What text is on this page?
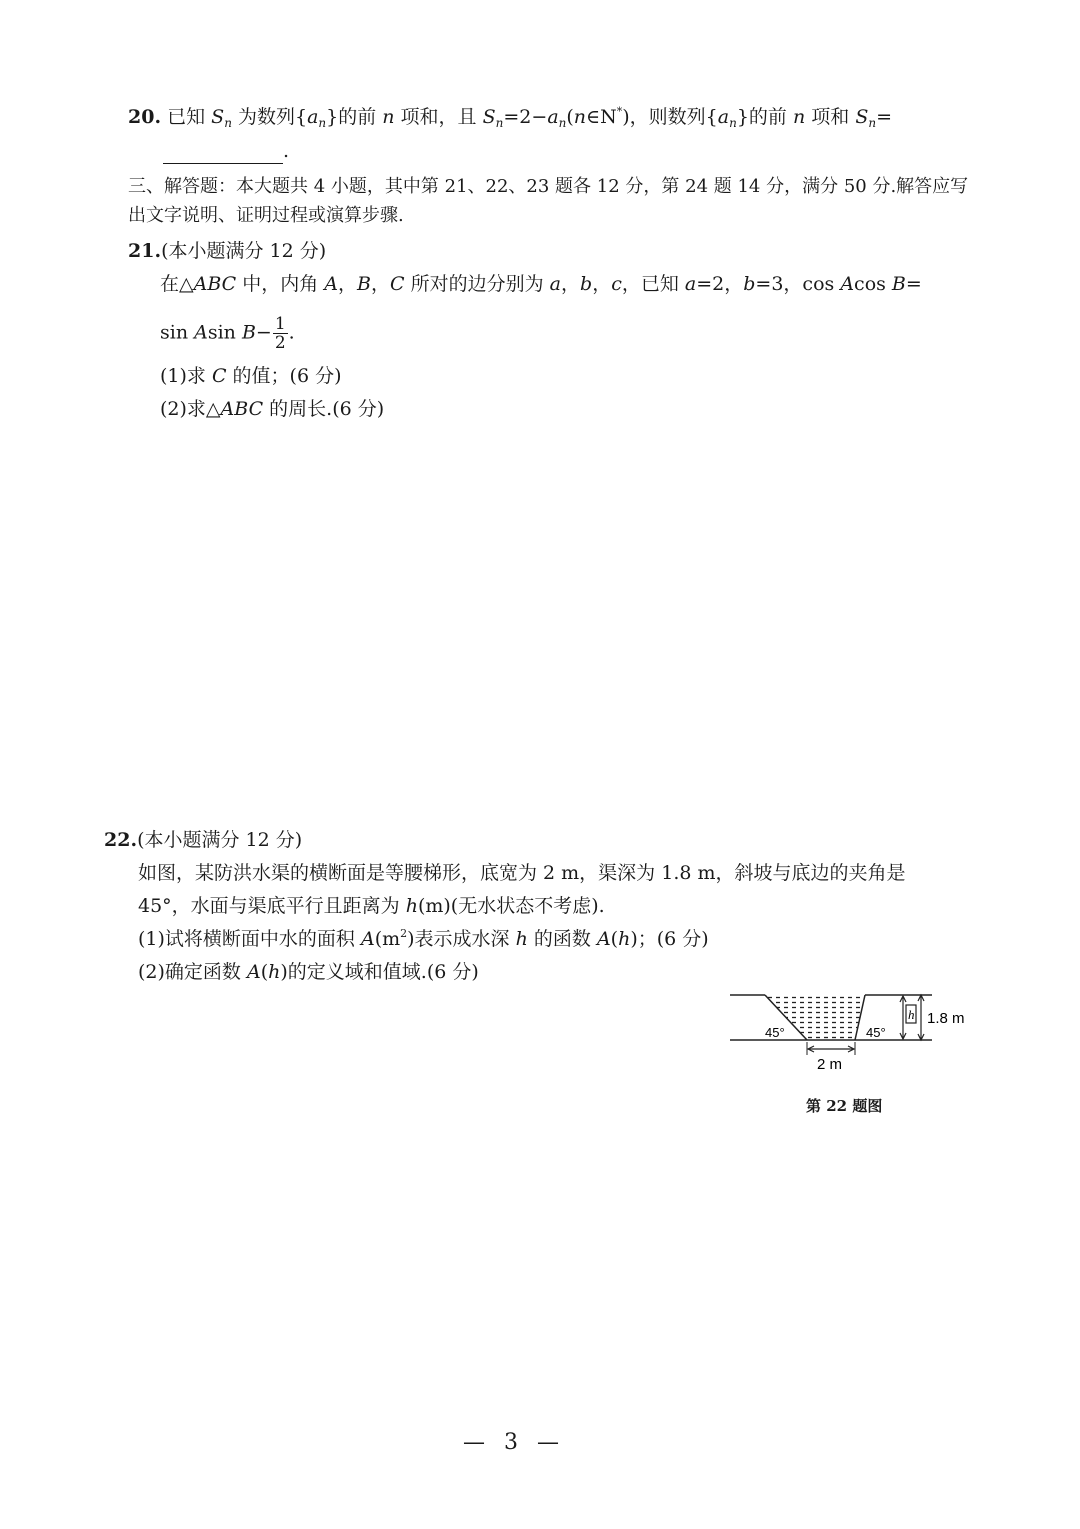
20. 已知 $S_n$ 为数列$\{a_n\}$的前 n 项和，且 $S_n=2-a_n(n\in N^*)$，则数列$\{a_n\}$的前 n 项和 $S_n=$
.
三、解答题：本大题共 4 小题，其中第 21、22、23 题各 12 分，第 24 题 14 分，满分 50 分.解答应写
出文字说明、证明过程或演算步骤.
21.(本小题满分 12 分)
在△ABC 中，内角 A，B，C 所对的边分别为 a，b，c，已知 a=2，b=3，cos Acos B=
sin Asin $B- \frac{1}{2}$ .
(1)求 C 的值；(6 分)
(2)求△ABC 的周长.(6 分)
22.(本小题满分 12 分)
如图，某防洪水渠的横断面是等腰梯形，底宽为 2 m，渠深为 1.8 m，斜坡与底边的夹角是
45°，水面与渠底平行且距离为 h(m)(无水状态不考虑).
(1)试将横断面中水的面积 $A(m^2)$表示成水深 h 的函数 A(h)；(6 分)
(2)确定函数 A(h)的定义域和值域.(6 分)
45°	45°
h 1.8 m
2 m
第 22 题图
— 3 —
